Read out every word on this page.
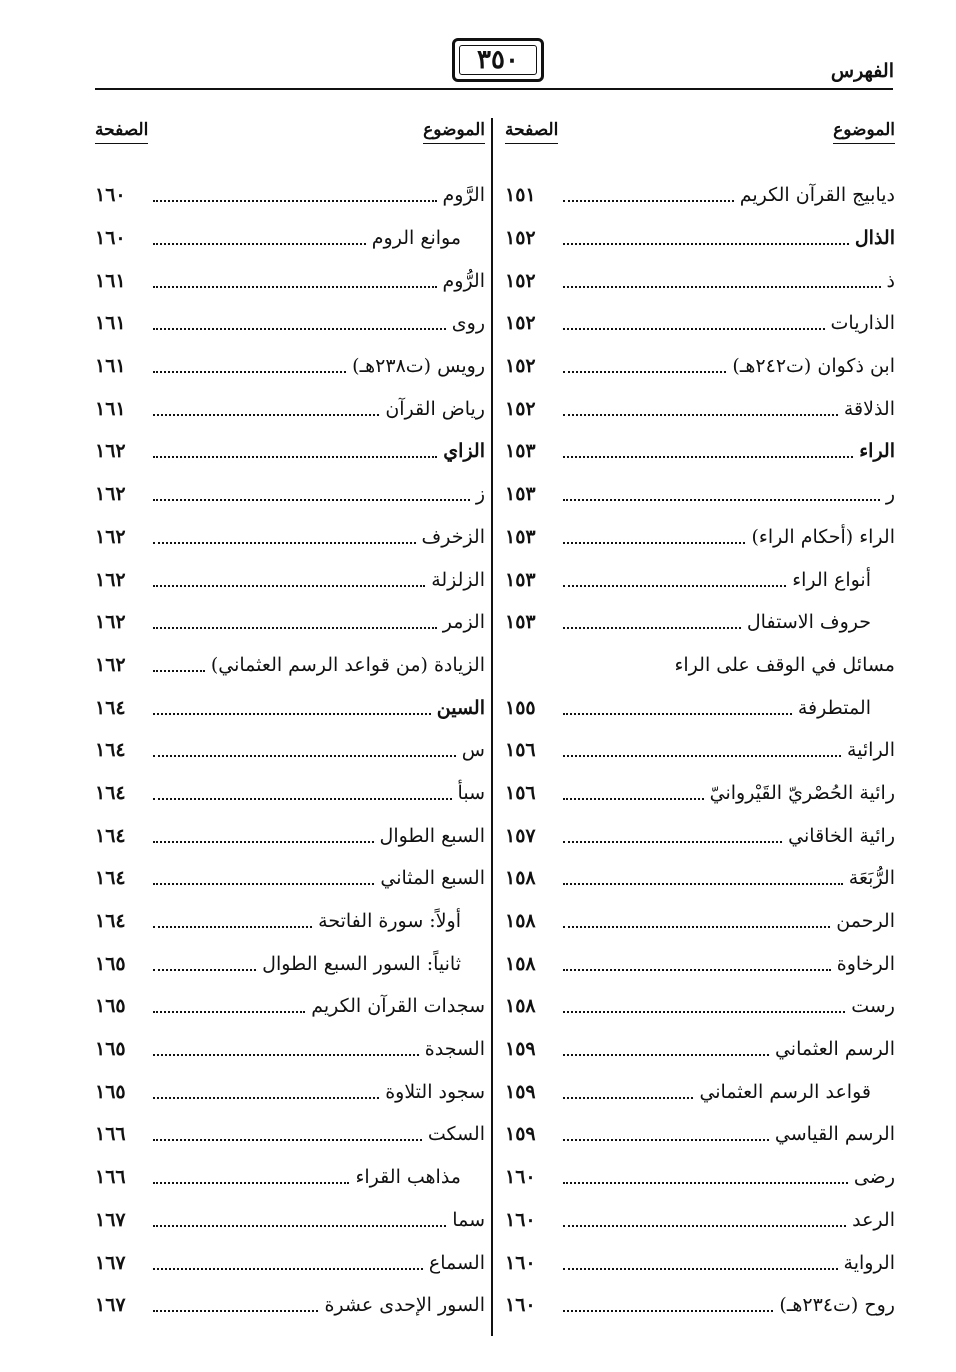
الفهرس
٣٥٠
الموضوع
الصفحة
ديابيج القرآن الكريم
١٥١
الذال
١٥٢
ذ
١٥٢
الذاريات
١٥٢
ابن ذكوان (ت٢٤٢هـ)
١٥٢
الذلاقة
١٥٢
الراء
١٥٣
ر
١٥٣
الراء (أحكام الراء)
١٥٣
أنواع الراء
١٥٣
حروف الاستفال
١٥٣
مسائل في الوقف على الراء
المتطرفة
١٥٥
الرائية
١٥٦
رائية الحُصْريّ القَيْروانيّ
١٥٦
رائية الخاقاني
١٥٧
الرُّبَعَة
١٥٨
الرحمن
١٥٨
الرخاوة
١٥٨
رست
١٥٨
الرسم العثماني
١٥٩
قواعد الرسم العثماني
١٥٩
الرسم القياسي
١٥٩
رضى
١٦٠
الرعد
١٦٠
الرواية
١٦٠
روح (ت٢٣٤هـ)
١٦٠
الموضوع
الصفحة
الرَّوم
١٦٠
موانع الروم
١٦٠
الرُّوم
١٦١
روى
١٦١
رويس (ت٢٣٨هـ)
١٦١
رياض القرآن
١٦١
الزاي
١٦٢
ز
١٦٢
الزخرف
١٦٢
الزلزلة
١٦٢
الزمر
١٦٢
الزيادة (من قواعد الرسم العثماني)
١٦٢
السين
١٦٤
س
١٦٤
سبأ
١٦٤
السبع الطوال
١٦٤
السبع المثاني
١٦٤
أولاً: سورة الفاتحة
١٦٤
ثانياً: السور السبع الطوال
١٦٥
سجدات القرآن الكريم
١٦٥
السجدة
١٦٥
سجود التلاوة
١٦٥
السكت
١٦٦
مذاهب القراء
١٦٦
سما
١٦٧
السماع
١٦٧
السور الإحدى عشرة
١٦٧
